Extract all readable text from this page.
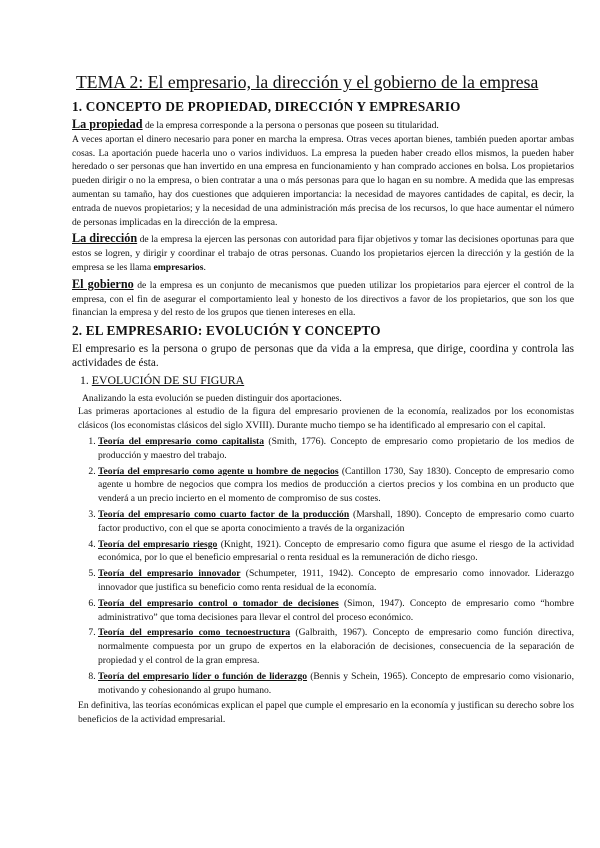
TEMA 2: El empresario, la dirección y el gobierno de la empresa
1. CONCEPTO DE PROPIEDAD, DIRECCIÓN Y EMPRESARIO

La propiedad de la empresa corresponde a la persona o personas que poseen su titularidad.

A veces aportan el dinero necesario para poner en marcha la empresa. Otras veces aportan bienes, también pueden aportar ambas cosas. La aportación puede hacerla uno o varios individuos. La empresa la pueden haber creado ellos mismos, la pueden haber heredado o ser personas que han invertido en una empresa en funcionamiento y han comprado acciones en bolsa. Los propietarios pueden dirigir o no la empresa, o bien contratar a una o más personas para que lo hagan en su nombre. A medida que las empresas aumentan su tamaño, hay dos cuestiones que adquieren importancia: la necesidad de mayores cantidades de capital, es decir, la entrada de nuevos propietarios; y la necesidad de una administración más precisa de los recursos, lo que hace aumentar el número de personas implicadas en la dirección de la empresa.

La dirección de la empresa la ejercen las personas con autoridad para fijar objetivos y tomar las decisiones oportunas para que estos se logren, y dirigir y coordinar el trabajo de otras personas. Cuando los propietarios ejercen la dirección y la gestión de la empresa se les llama empresarios.

El gobierno de la empresa es un conjunto de mecanismos que pueden utilizar los propietarios para ejercer el control de la empresa, con el fin de asegurar el comportamiento leal y honesto de los directivos a favor de los propietarios, que son los que financian la empresa y del resto de los grupos que tienen intereses en ella.

2. EL EMPRESARIO: EVOLUCIÓN Y CONCEPTO

El empresario es la persona o grupo de personas que da vida a la empresa, que dirige, coordina y controla las actividades de ésta.

1. EVOLUCIÓN DE SU FIGURA

Analizando la esta evolución se pueden distinguir dos aportaciones.

Las primeras aportaciones al estudio de la figura del empresario provienen de la economía, realizados por los economistas clásicos (los economistas clásicos del siglo XVIII). Durante mucho tiempo se ha identificado al empresario con el capital.

1. Teoría del empresario como capitalista (Smith, 1776). Concepto de empresario como propietario de los medios de producción y maestro del trabajo.
2. Teoría del empresario como agente u hombre de negocios (Cantillon 1730, Say 1830). Concepto de empresario como agente u hombre de negocios que compra los medios de producción a ciertos precios y los combina en un producto que venderá a un precio incierto en el momento de compromiso de sus costes.
3. Teoría del empresario como cuarto factor de la producción (Marshall, 1890). Concepto de empresario como cuarto factor productivo, con el que se aporta conocimiento a través de la organización
4. Teoría del empresario riesgo (Knight, 1921). Concepto de empresario como figura que asume el riesgo de la actividad económica, por lo que el beneficio empresarial o renta residual es la remuneración de dicho riesgo.
5. Teoría del empresario innovador (Schumpeter, 1911, 1942). Concepto de empresario como innovador. Liderazgo innovador que justifica su beneficio como renta residual de la economía.
6. Teoría del empresario control o tomador de decisiones (Simon, 1947). Concepto de empresario como “hombre administrativo” que toma decisiones para llevar el control del proceso económico.
7. Teoría del empresario como tecnoestructura (Galbraith, 1967). Concepto de empresario como función directiva, normalmente compuesta por un grupo de expertos en la elaboración de decisiones, consecuencia de la separación de propiedad y el control de la gran empresa.
8. Teoría del empresario líder o función de liderazgo (Bennis y Schein, 1965). Concepto de empresario como visionario, motivando y cohesionando al grupo humano.

En definitiva, las teorías económicas explican el papel que cumple el empresario en la economía y justifican su derecho sobre los beneficios de la actividad empresarial.
